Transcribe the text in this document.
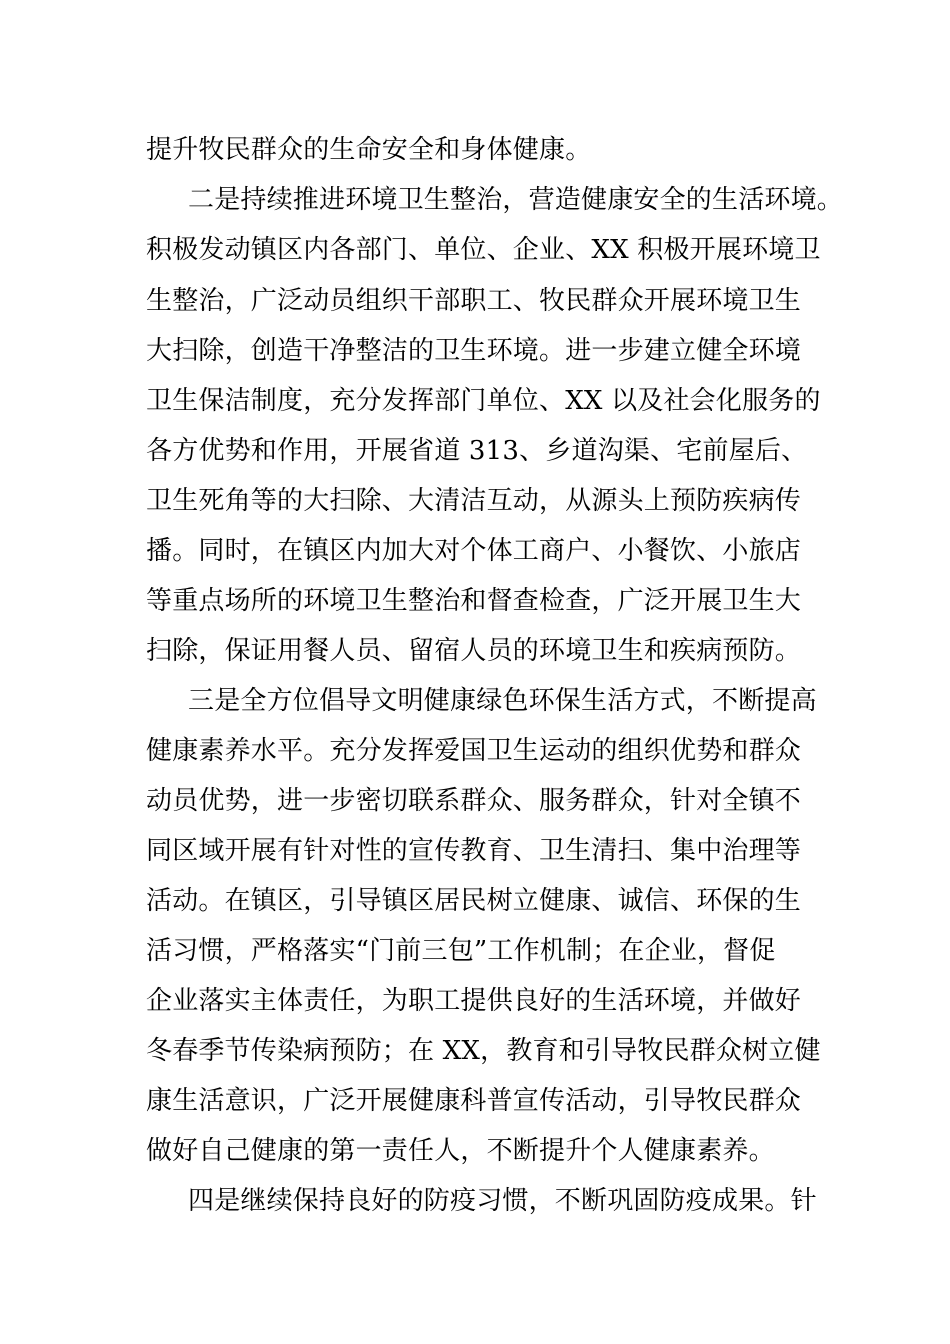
提升牧民群众的生命安全和身体健康。
二是持续推进环境卫生整治，营造健康安全的生活环境。
积极发动镇区内各部门、单位、企业、XX 积极开展环境卫
生整治，广泛动员组织干部职工、牧民群众开展环境卫生
大扫除，创造干净整洁的卫生环境。进一步建立健全环境
卫生保洁制度，充分发挥部门单位、XX 以及社会化服务的
各方优势和作用，开展省道 313、乡道沟渠、宅前屋后、
卫生死角等的大扫除、大清洁互动，从源头上预防疾病传
播。同时，在镇区内加大对个体工商户、小餐饮、小旅店
等重点场所的环境卫生整治和督查检查，广泛开展卫生大
扫除，保证用餐人员、留宿人员的环境卫生和疾病预防。
三是全方位倡导文明健康绿色环保生活方式，不断提高
健康素养水平。充分发挥爱国卫生运动的组织优势和群众
动员优势，进一步密切联系群众、服务群众，针对全镇不
同区域开展有针对性的宣传教育、卫生清扫、集中治理等
活动。在镇区，引导镇区居民树立健康、诚信、环保的生
活习惯，严格落实“门前三包”工作机制；在企业，督促
企业落实主体责任，为职工提供良好的生活环境，并做好
冬春季节传染病预防；在 XX，教育和引导牧民群众树立健
康生活意识，广泛开展健康科普宣传活动，引导牧民群众
做好自己健康的第一责任人，不断提升个人健康素养。
四是继续保持良好的防疫习惯，不断巩固防疫成果。针
